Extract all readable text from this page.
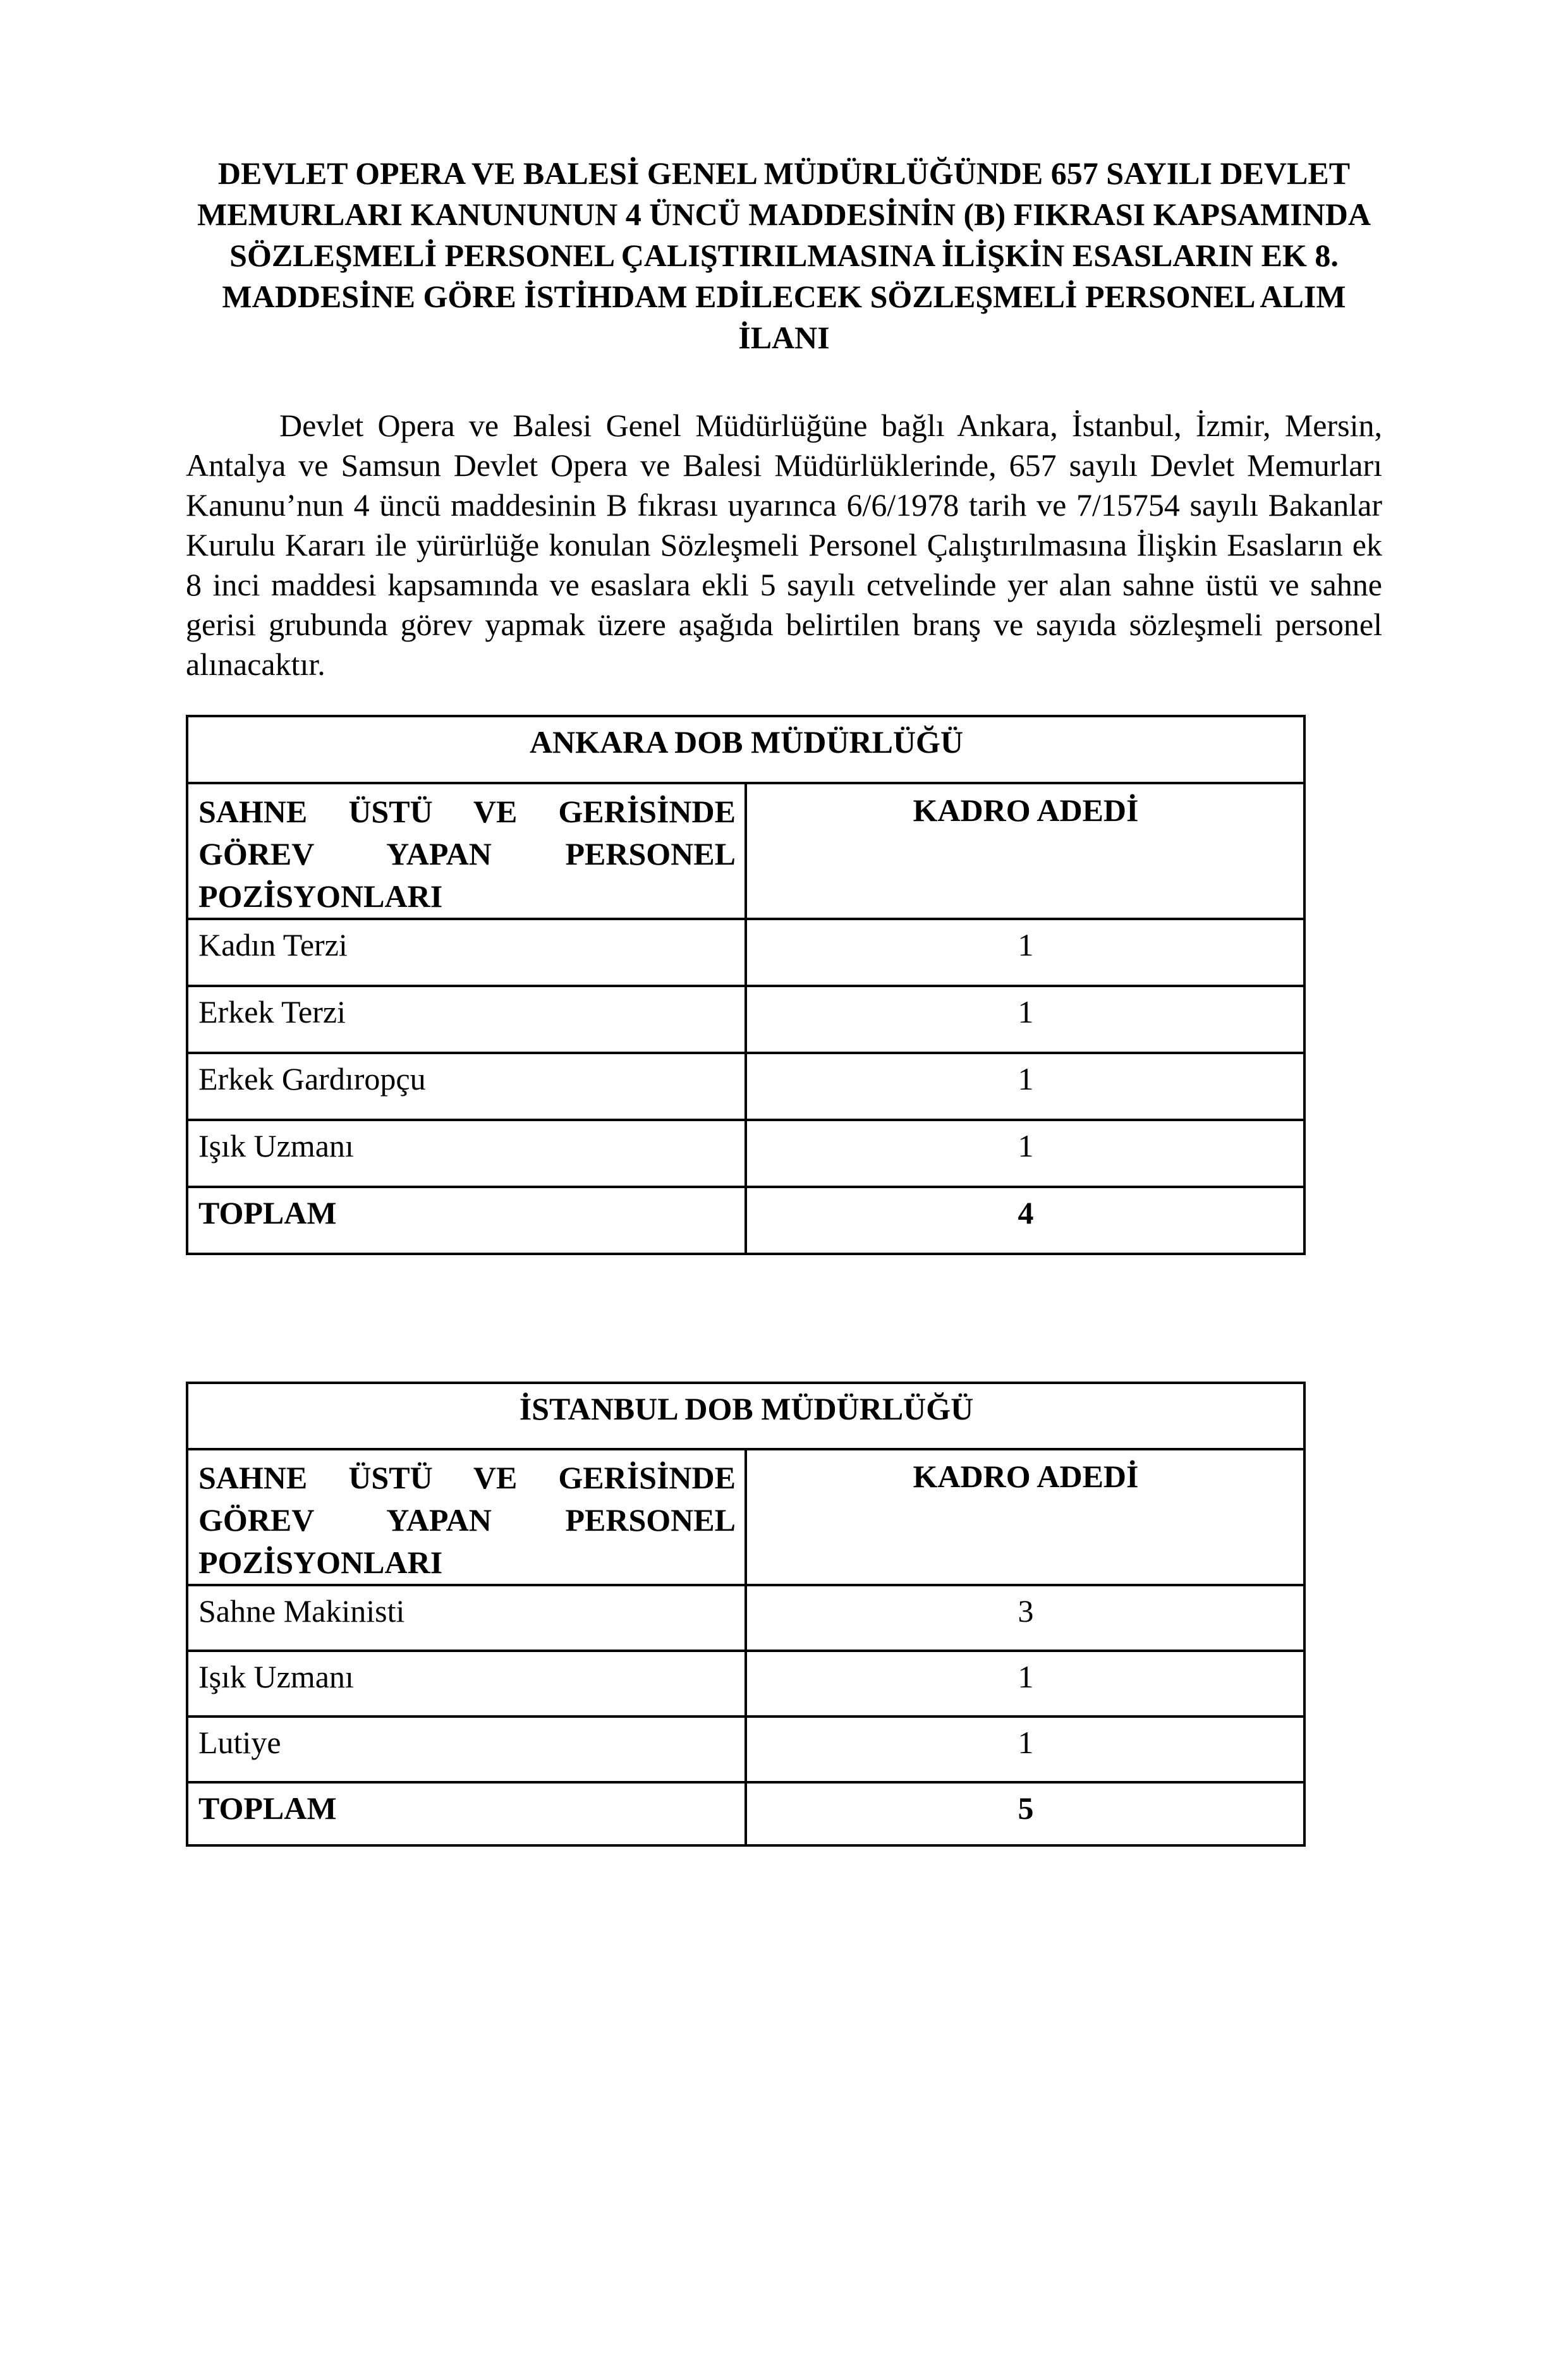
DEVLET OPERA VE BALESİ GENEL MÜDÜRLÜĞÜNDE 657 SAYILI DEVLET
MEMURLARI KANUNUNUN 4 ÜNCÜ MADDESİNİN (B) FIKRASI KAPSAMINDA
SÖZLEŞMELİ PERSONEL ÇALIŞTIRILMASINA İLİŞKİN ESASLARIN EK 8.
MADDESİNE GÖRE İSTİHDAM EDİLECEK SÖZLEŞMELİ PERSONEL ALIM
İLANI

Devlet Opera ve Balesi Genel Müdürlüğüne bağlı Ankara, İstanbul, İzmir, Mersin, Antalya ve Samsun Devlet Opera ve Balesi Müdürlüklerinde, 657 sayılı Devlet Memurları Kanunu’nun 4 üncü maddesinin B fıkrası uyarınca 6/6/1978 tarih ve 7/15754 sayılı Bakanlar Kurulu Kararı ile yürürlüğe konulan Sözleşmeli Personel Çalıştırılmasına İlişkin Esasların ek 8 inci maddesi kapsamında ve esaslara ekli 5 sayılı cetvelinde yer alan sahne üstü ve sahne gerisi grubunda görev yapmak üzere aşağıda belirtilen branş ve sayıda sözleşmeli personel alınacaktır.

ANKARA DOB MÜDÜRLÜĞÜ	
SAHNE ÜSTÜ VE GERİSİNDE GÖREV YAPAN PERSONEL POZİSYONLARI	KADRO ADEDİ
Kadın Terzi	1
Erkek Terzi	1
Erkek Gardıropçu	1
Işık Uzmanı	1
TOPLAM	4
İSTANBUL DOB MÜDÜRLÜĞÜ	
SAHNE ÜSTÜ VE GERİSİNDE GÖREV YAPAN PERSONEL POZİSYONLARI	KADRO ADEDİ
Sahne Makinisti	3
Işık Uzmanı	1
Lutiye	1
TOPLAM	5
